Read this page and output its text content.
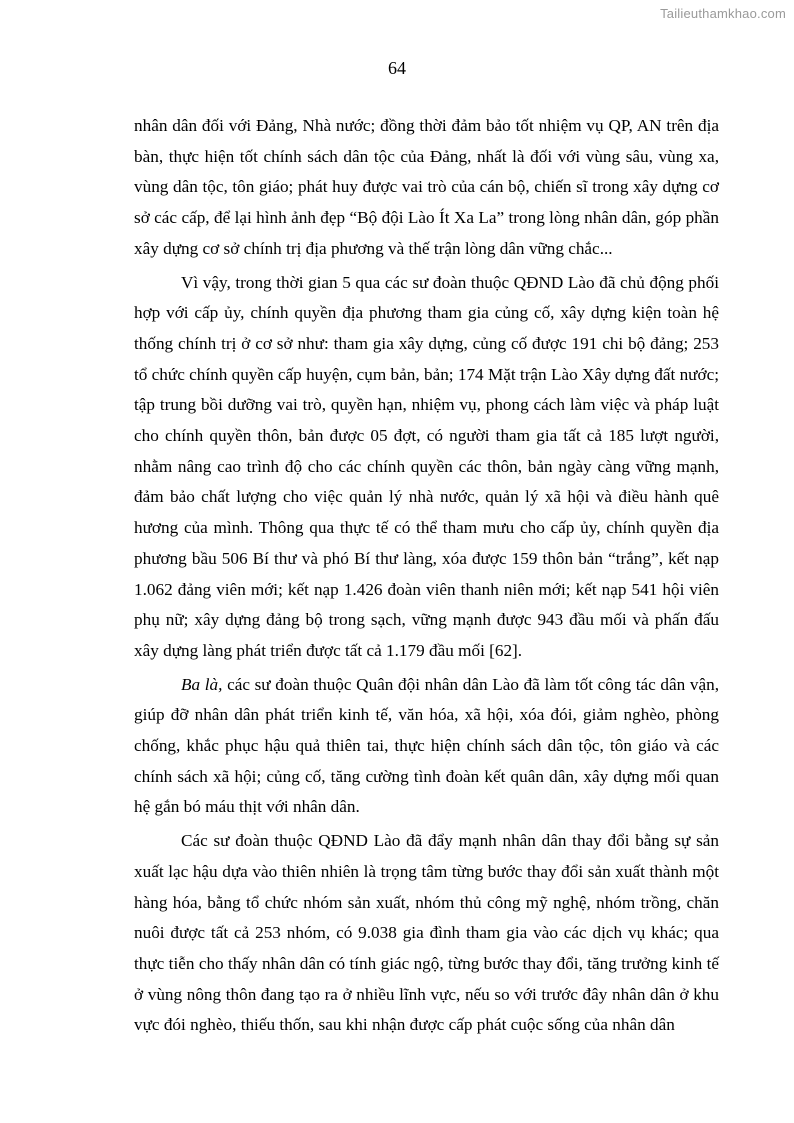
Tailieuthamkhao.com
64

nhân dân đối với Đảng, Nhà nước; đồng thời đảm bảo tốt nhiệm vụ QP, AN trên địa bàn, thực hiện tốt chính sách dân tộc của Đảng, nhất là đối với vùng sâu, vùng xa, vùng dân tộc, tôn giáo; phát huy được vai trò của cán bộ, chiến sĩ trong xây dựng cơ sở các cấp, để lại hình ảnh đẹp “Bộ đội Lào Ít Xa La” trong lòng nhân dân, góp phần xây dựng cơ sở chính trị địa phương và thế trận lòng dân vững chắc...

Vì vậy, trong thời gian 5 qua các sư đoàn thuộc QĐND Lào đã chủ động phối hợp với cấp ủy, chính quyền địa phương tham gia củng cố, xây dựng kiện toàn hệ thống chính trị ở cơ sở như: tham gia xây dựng, củng cố được 191 chi bộ đảng; 253 tổ chức chính quyền cấp huyện, cụm bản, bản; 174 Mặt trận Lào Xây dựng đất nước; tập trung bồi dưỡng vai trò, quyền hạn, nhiệm vụ, phong cách làm việc và pháp luật cho chính quyền thôn, bản được 05 đợt, có người tham gia tất cả 185 lượt người, nhằm nâng cao trình độ cho các chính quyền các thôn, bản ngày càng vững mạnh, đảm bảo chất lượng cho việc quản lý nhà nước, quản lý xã hội và điều hành quê hương của mình. Thông qua thực tế có thể tham mưu cho cấp ủy, chính quyền địa phương bầu 506 Bí thư và phó Bí thư làng, xóa được 159 thôn bản “trắng”, kết nạp 1.062 đảng viên mới; kết nạp 1.426 đoàn viên thanh niên mới; kết nạp 541 hội viên phụ nữ; xây dựng đảng bộ trong sạch, vững mạnh được 943 đầu mối và phấn đấu xây dựng làng phát triển được tất cả 1.179 đầu mối [62].

Ba là, các sư đoàn thuộc Quân đội nhân dân Lào đã làm tốt công tác dân vận, giúp đỡ nhân dân phát triển kinh tế, văn hóa, xã hội, xóa đói, giảm nghèo, phòng chống, khắc phục hậu quả thiên tai, thực hiện chính sách dân tộc, tôn giáo và các chính sách xã hội; củng cố, tăng cường tình đoàn kết quân dân, xây dựng mối quan hệ gắn bó máu thịt với nhân dân.

Các sư đoàn thuộc QĐND Lào đã đẩy mạnh nhân dân thay đổi bằng sự sản xuất lạc hậu dựa vào thiên nhiên là trọng tâm từng bước thay đổi sản xuất thành một hàng hóa, bằng tổ chức nhóm sản xuất, nhóm thủ công mỹ nghệ, nhóm trồng, chăn nuôi được tất cả 253 nhóm, có 9.038 gia đình tham gia vào các dịch vụ khác; qua thực tiễn cho thấy nhân dân có tính giác ngộ, từng bước thay đổi, tăng trưởng kinh tế ở vùng nông thôn đang tạo ra ở nhiều lĩnh vực, nếu so với trước đây nhân dân ở khu vực đói nghèo, thiếu thốn, sau khi nhận được cấp phát cuộc sống của nhân dân
